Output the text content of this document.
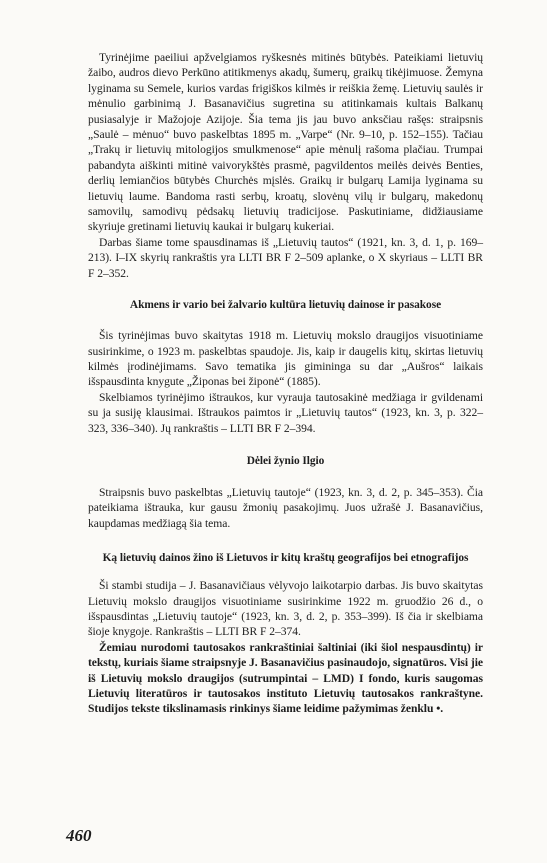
Tyrinėjime paeiliui apžvelgiamos ryškesnės mitinės būtybės. Pateikiami lietuvių žaibo, audros dievo Perkūno atitikmenys akadų, šumerų, graikų tikėjimuose. Žemyna lyginama su Semele, kurios vardas frigiškos kilmės ir reiškia žemę. Lietuvių saulės ir mėnulio garbinimą J. Basanavičius sugretina su atitinkamais kultais Balkanų pusiasalyje ir Mažojoje Azijoje. Šia tema jis jau buvo anksčiau rašęs: straipsnis „Saulė – mėnuo“ buvo paskelbtas 1895 m. „Varpe“ (Nr. 9–10, p. 152–155). Tačiau „Trakų ir lietuvių mitologijos smulkmenose“ apie mėnulį rašoma plačiau. Trumpai pabandyta aiškinti mitinė vaivorykštės prasmė, pagvildentos meilės deivės Benties, derlių lemiančios būtybės Churchės mįslės. Graikų ir bulgarų Lamija lyginama su lietuvių laume. Bandoma rasti serbų, kroatų, slovėnų vilų ir bulgarų, makedonų samovilų, samodivų pėdsakų lietuvių tradicijose. Paskutiniame, didžiausiame skyriuje gretinami lietuvių kaukai ir bulgarų kukeriai.

Darbas šiame tome spausdinamas iš „Lietuvių tautos“ (1921, kn. 3, d. 1, p. 169–213). I–IX skyrių rankraštis yra LLTI BR F 2–509 aplanke, o X skyriaus – LLTI BR F 2–352.

Akmens ir vario bei žalvario kultūra lietuvių dainose ir pasakose

Šis tyrinėjimas buvo skaitytas 1918 m. Lietuvių mokslo draugijos visuotiniame susirinkime, o 1923 m. paskelbtas spaudoje. Jis, kaip ir daugelis kitų, skirtas lietuvių kilmės įrodinėjimams. Savo tematika jis gimininga su dar „Aušros“ laikais išspausdinta knygute „Žiponas bei žiponė“ (1885).

Skelbiamos tyrinėjimo ištraukos, kur vyrauja tautosakinė medžiaga ir gvildenami su ja susiję klausimai. Ištraukos paimtos ir „Lietuvių tautos“ (1923, kn. 3, p. 322–323, 336–340). Jų rankraštis – LLTI BR F 2–394.

Dėlei žynio Ilgio

Straipsnis buvo paskelbtas „Lietuvių tautoje“ (1923, kn. 3, d. 2, p. 345–353). Čia pateikiama ištrauka, kur gausu žmonių pasakojimų. Juos užrašė J. Basanavičius, kaupdamas medžiagą šia tema.

Ką lietuvių dainos žino iš Lietuvos ir kitų kraštų geografijos bei etnografijos

Ši stambi studija – J. Basanavičiaus vėlyvojo laikotarpio darbas. Jis buvo skaitytas Lietuvių mokslo draugijos visuotiniame susirinkime 1922 m. gruodžio 26 d., o išspausdintas „Lietuvių tautoje“ (1923, kn. 3, d. 2, p. 353–399). Iš čia ir skelbiama šioje knygoje. Rankraštis – LLTI BR F 2–374.

Žemiau nurodomi tautosakos rankraštiniai šaltiniai (iki šiol nespausdintų) ir tekstų, kuriais šiame straipsnyje J. Basanavičius pasinaudojo, signatūros. Visi jie iš Lietuvių mokslo draugijos (sutrumpintai – LMD) I fondo, kuris saugomas Lietuvių literatūros ir tautosakos instituto Lietuvių tautosakos rankraštyne. Studijos tekste tikslinamasis rinkinys šiame leidime pažymimas ženklu •.

460
